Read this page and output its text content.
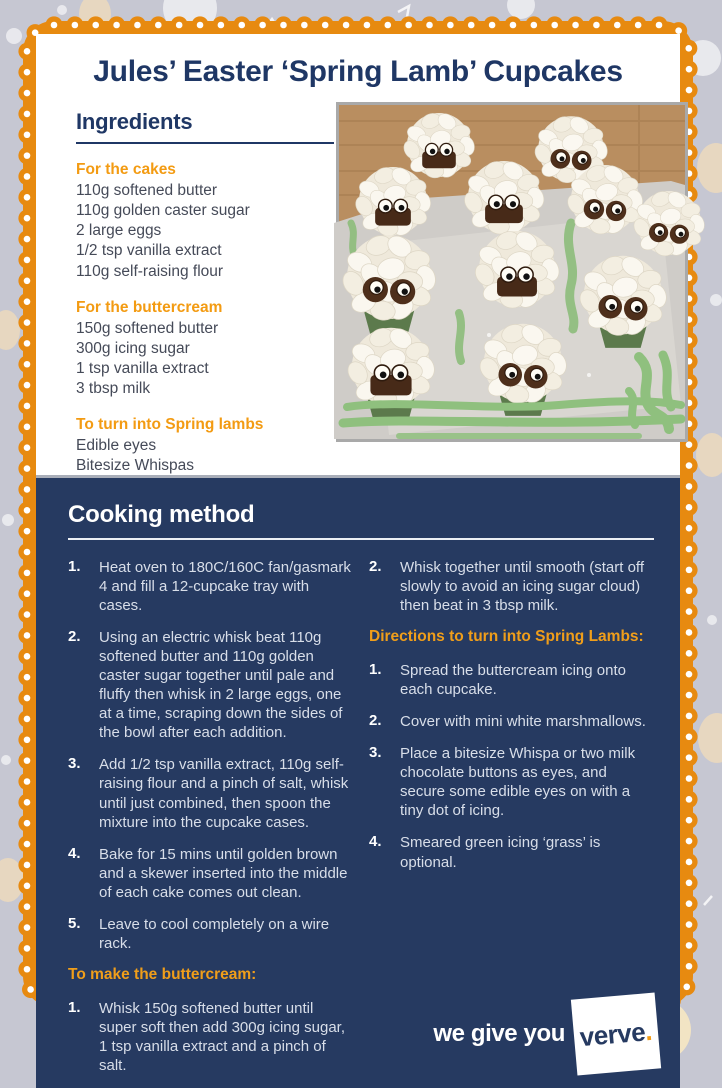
Jules’ Easter ‘Spring Lamb’ Cupcakes
Ingredients
For the cakes

110g softened butter

110g golden caster sugar

2 large eggs

1/2 tsp vanilla extract

110g self-raising flour

For the buttercream

150g softened butter

300g icing sugar

1 tsp vanilla extract

3 tbsp milk

To turn into Spring lambs

Edible eyes

Bitesize Whispas

Cooking method
1.	Heat oven to 180C/160C fan/gasmark 4 and fill a 12-cupcake tray with cases.
2.	Using an electric whisk beat 110g softened butter and 110g golden caster sugar together until pale and fluffy then whisk in 2 large eggs, one at a time, scraping down the sides of the bowl after each addition.
3.	Add 1/2 tsp vanilla extract, 110g self-raising flour and a pinch of salt, whisk until just combined, then spoon the mixture into the cupcake cases.
4.	Bake for 15 mins until golden brown and a skewer inserted into the middle of each cake comes out clean.
5.	Leave to cool completely on a wire rack.
To make the buttercream:
1.	Whisk 150g softened butter until super soft then add 300g icing sugar, 1 tsp vanilla extract and a pinch of salt.
2.	Whisk together until smooth (start off slowly to avoid an icing sugar cloud) then beat in 3 tbsp milk.
Directions to turn into Spring Lambs:
1.	Spread the buttercream icing onto each cupcake.
2.	Cover with mini white marshmallows.
3.	Place a bitesize Whispa or two milk chocolate buttons as eyes, and secure some edible eyes on with a tiny dot of icing.
4.	Smeared green icing ‘grass’ is optional.
we give you verve
.
